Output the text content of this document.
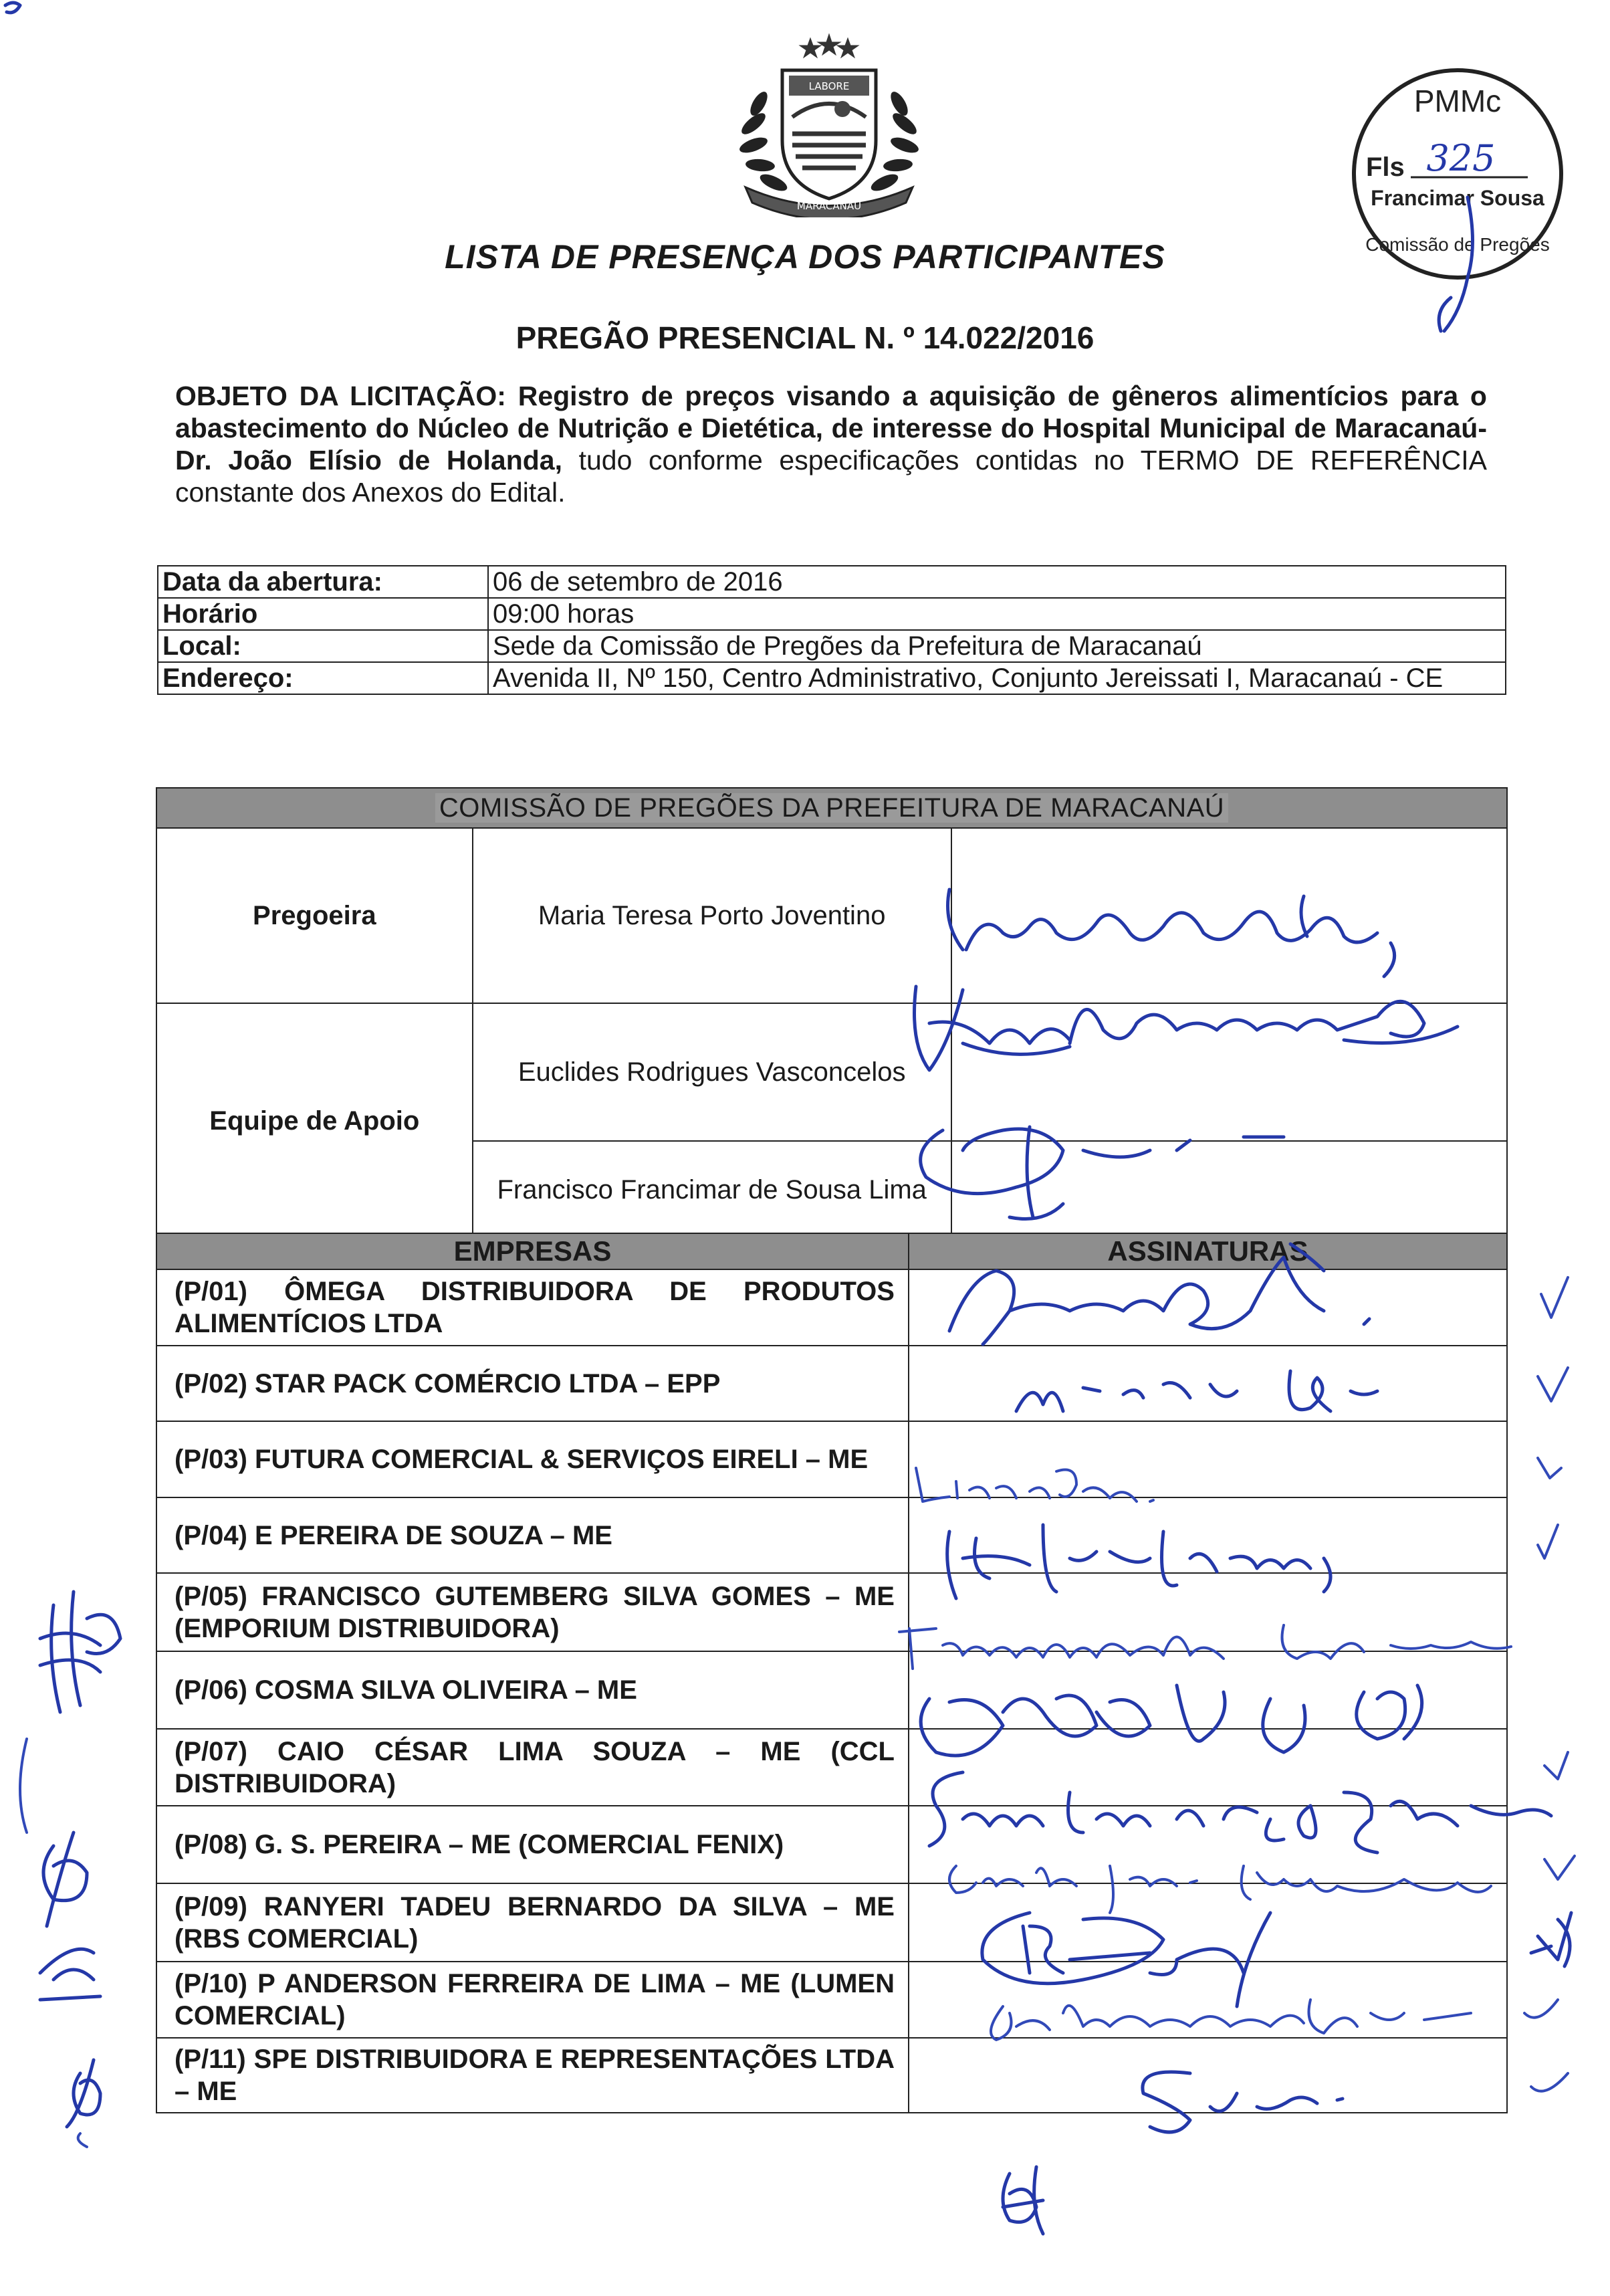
LABORE
MARACANAÚ
PMMc
Fls 325
Francimar Sousa
Comissão de Pregões
LISTA DE PRESENÇA DOS PARTICIPANTES
PREGÃO PRESENCIAL N. º 14.022/2016
OBJETO DA LICITAÇÃO: Registro de preços visando a aquisição de gêneros alimentícios para o abastecimento do Núcleo de Nutrição e Dietética, de interesse do Hospital Municipal de Maracanaú-Dr. João Elísio de Holanda, tudo conforme especificações contidas no TERMO DE REFERÊNCIA constante dos Anexos do Edital.
Data da abertura:	06 de setembro de 2016
Horário	09:00 horas
Local:	Sede da Comissão de Pregões da Prefeitura de Maracanaú
Endereço:	Avenida II, Nº 150, Centro Administrativo, Conjunto Jereissati I, Maracanaú - CE
COMISSÃO DE PREGÕES DA PREFEITURA DE MARACANAÚ		
Pregoeira	Maria Teresa Porto Joventino	
Equipe de Apoio	Euclides Rodrigues Vasconcelos	
	Francisco Francimar de Sousa Lima	
EMPRESAS	ASSINATURAS
(P/01) ÔMEGA DISTRIBUIDORA DE PRODUTOS ALIMENTÍCIOS LTDA	
(P/02) STAR PACK COMÉRCIO LTDA – EPP	
(P/03) FUTURA COMERCIAL & SERVIÇOS EIRELI – ME	
(P/04) E PEREIRA DE SOUZA – ME	
(P/05) FRANCISCO GUTEMBERG SILVA GOMES – ME (EMPORIUM DISTRIBUIDORA)	
(P/06) COSMA SILVA OLIVEIRA – ME	
(P/07) CAIO CÉSAR LIMA SOUZA – ME (CCL DISTRIBUIDORA)	
(P/08) G. S. PEREIRA – ME (COMERCIAL FENIX)	
(P/09) RANYERI TADEU BERNARDO DA SILVA – ME (RBS COMERCIAL)	
(P/10) P ANDERSON FERREIRA DE LIMA – ME (LUMEN COMERCIAL)	
(P/11) SPE DISTRIBUIDORA E REPRESENTAÇÕES LTDA – ME	
